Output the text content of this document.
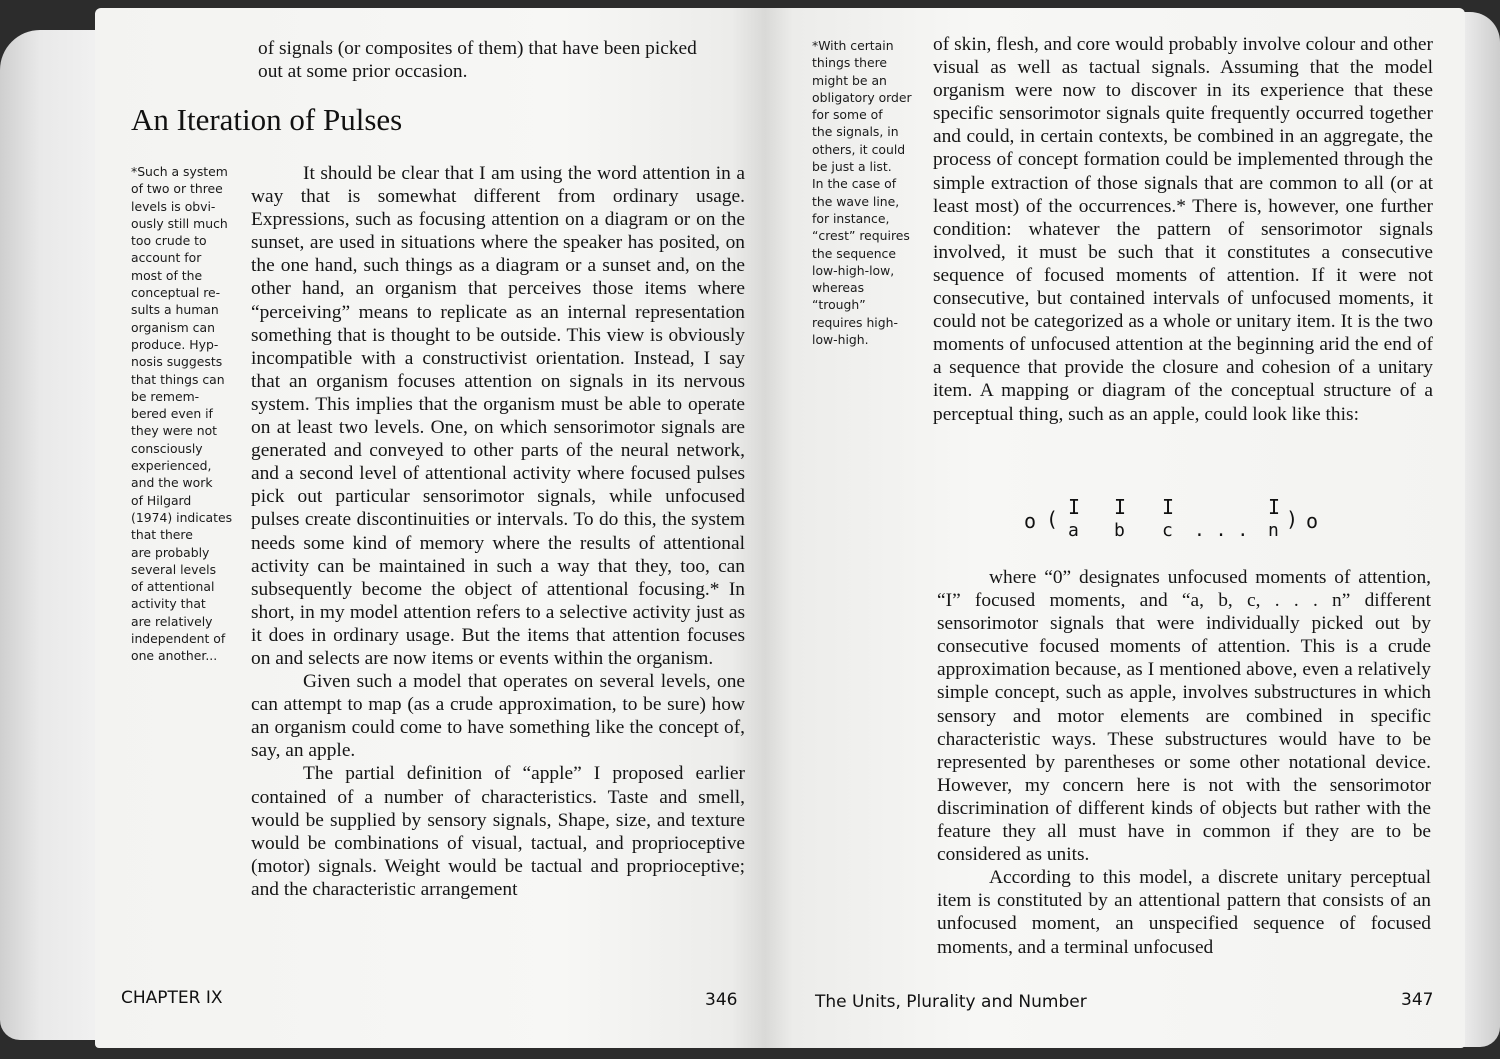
of signals (or composites of them) that have been picked

out at some prior occasion.

An Iteration of Pulses
*Such a system
of two or three
levels is obvi-
ously still much
too crude to
account for
most of the
conceptual re-
sults a human
organism can
produce. Hyp-
nosis suggests
that things can
be remem-
bered even if
they were not
consciously
experienced,
and the work
of Hilgard
(1974) indicates
that there
are probably
several levels
of attentional
activity that
are relatively
independent of
one another...

It should be clear that I am using the word attention in a way that is somewhat different from ordinary usage. Expressions, such as focusing attention on a diagram or on the sunset, are used in situations where the speaker has posited, on the one hand, such things as a diagram or a sunset and, on the other hand, an organism that perceives those items where “perceiving” means to replicate as an internal representation something that is thought to be outside. This view is obviously incompatible with a constructivist orientation. Instead, I say that an organism focuses attention on signals in its nervous system. This implies that the organism must be able to operate on at least two levels. One, on which sensorimotor signals are generated and conveyed to other parts of the neural network, and a second level of attentional activity where focused pulses pick out particular sensorimotor signals, while unfocused pulses create discontinuities or intervals. To do this, the system needs some kind of memory where the results of attentional activity can be maintained in such a way that they, too, can subsequently become the object of attentional focusing.* In short, in my model attention refers to a selective activity just as it does in ordinary usage. But the items that attention focuses on and selects are now items or events within the organism.

Given such a model that operates on several levels, one can attempt to map (as a crude approximation, to be sure) how an organism could come to have something like the concept of, say, an apple.

The partial definition of “apple” I proposed earlier contained of a number of characteristics. Taste and smell, would be supplied by sensory signals, Shape, size, and texture would be combinations of visual, tactual, and proprioceptive (motor) signals. Weight would be tactual and proprioceptive; and the characteristic arrangement

CHAPTER IX	346
*With certain
things there
might be an
obligatory order
for some of
the signals, in
others, it could
be just a list.
In the case of
the wave line,
for instance,
“crest” requires
the sequence
low-high-low,
whereas
“trough”
requires high-
low-high.

of skin, flesh, and core would probably involve colour and other visual as well as tactual signals. Assuming that the model organism were now to discover in its experience that these specific sensorimotor signals quite frequently occurred together and could, in certain contexts, be combined in an aggregate, the process of concept formation could be implemented through the simple extraction of those signals that are common to all (or at least most) of the occurrences.* There is, however, one further condition: whatever the pattern of sensorimotor signals involved, it must be such that it constitutes a consecutive sequence of focused moments of attention. If it were not consecutive, but contained intervals of unfocused moments, it could not be categorized as a whole or unitary item. It is the two moments of unfocused attention at the beginning arid the end of a sequence that provide the closure and cohesion of a unitary item. A mapping or diagram of the conceptual structure of a perceptual thing, such as an apple, could look like this:

o ( I
a
I
b
I
c . . .
I
n ) o

where “0” designates unfocused moments of attention, “I” focused moments, and “a, b, c, . . . n” different sensorimotor signals that were individually picked out by consecutive focused moments of attention. This is a crude approximation because, as I mentioned above, even a relatively simple concept, such as apple, involves substructures in which sensory and motor elements are combined in specific characteristic ways. These substructures would have to be represented by parentheses or some other notational device. However, my concern here is not with the sensorimotor discrimination of different kinds of objects but rather with the feature they all must have in common if they are to be considered as units.

According to this model, a discrete unitary perceptual item is constituted by an attentional pattern that consists of an unfocused moment, an unspecified sequence of focused moments, and a terminal unfocused

The Units, Plurality and Number	347
